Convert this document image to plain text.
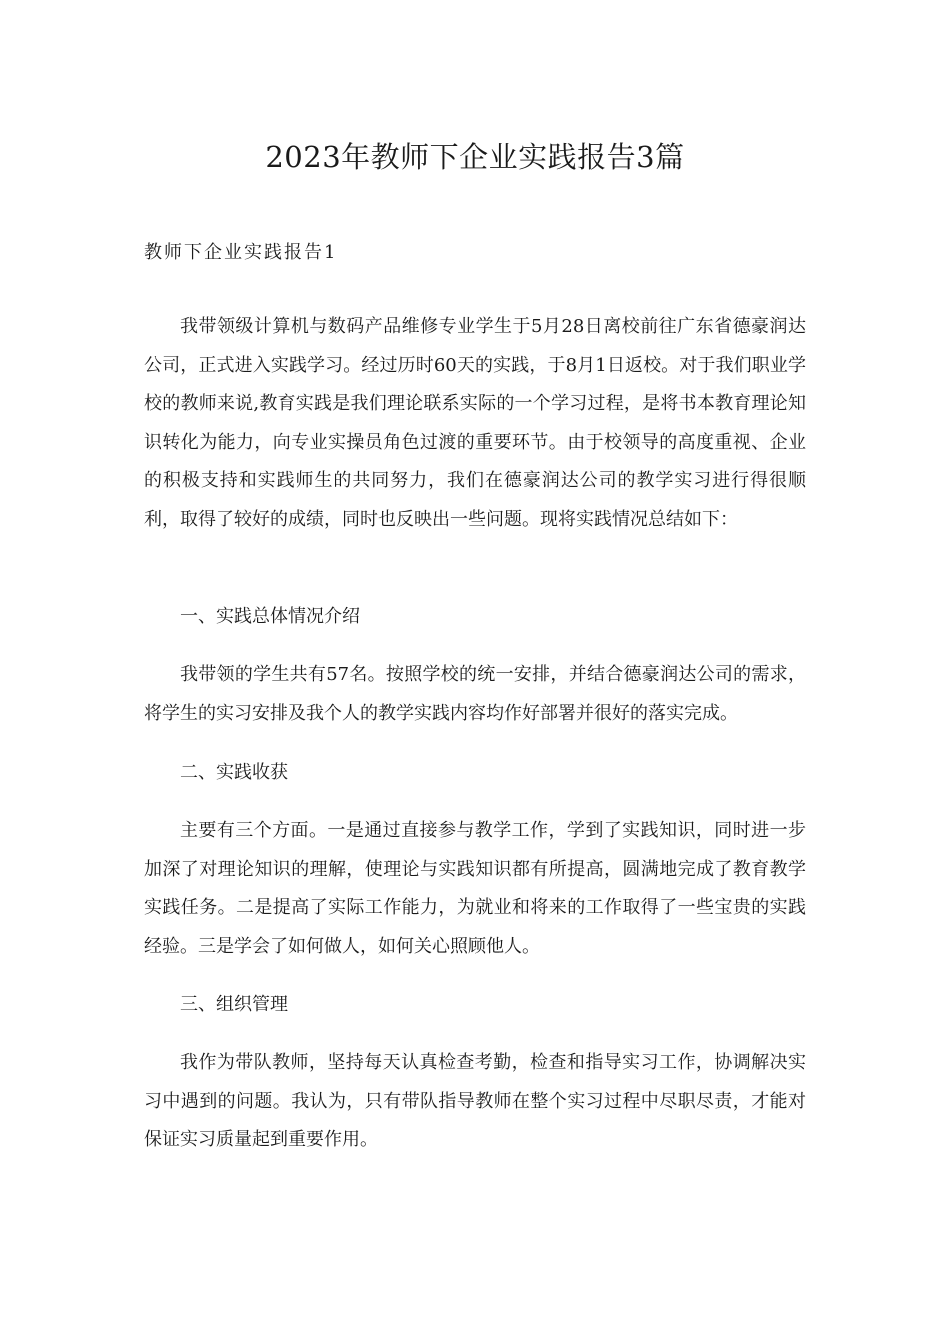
2023年教师下企业实践报告3篇
教师下企业实践报告1

我带领级计算机与数码产品维修专业学生于5月28日离校前往广东省德豪润达公司，正式进入实践学习。经过历时60天的实践，于8月1日返校。对于我们职业学校的教师来说,教育实践是我们理论联系实际的一个学习过程，是将书本教育理论知识转化为能力，向专业实操员角色过渡的重要环节。由于校领导的高度重视、企业的积极支持和实践师生的共同努力，我们在德豪润达公司的教学实习进行得很顺利，取得了较好的成绩，同时也反映出一些问题。现将实践情况总结如下：

一、实践总体情况介绍

我带领的学生共有57名。按照学校的统一安排，并结合德豪润达公司的需求，将学生的实习安排及我个人的教学实践内容均作好部署并很好的落实完成。

二、实践收获

主要有三个方面。一是通过直接参与教学工作，学到了实践知识，同时进一步加深了对理论知识的理解，使理论与实践知识都有所提高，圆满地完成了教育教学实践任务。二是提高了实际工作能力，为就业和将来的工作取得了一些宝贵的实践经验。三是学会了如何做人，如何关心照顾他人。

三、组织管理

我作为带队教师，坚持每天认真检查考勤，检查和指导实习工作，协调解决实习中遇到的问题。我认为，只有带队指导教师在整个实习过程中尽职尽责，才能对保证实习质量起到重要作用。
